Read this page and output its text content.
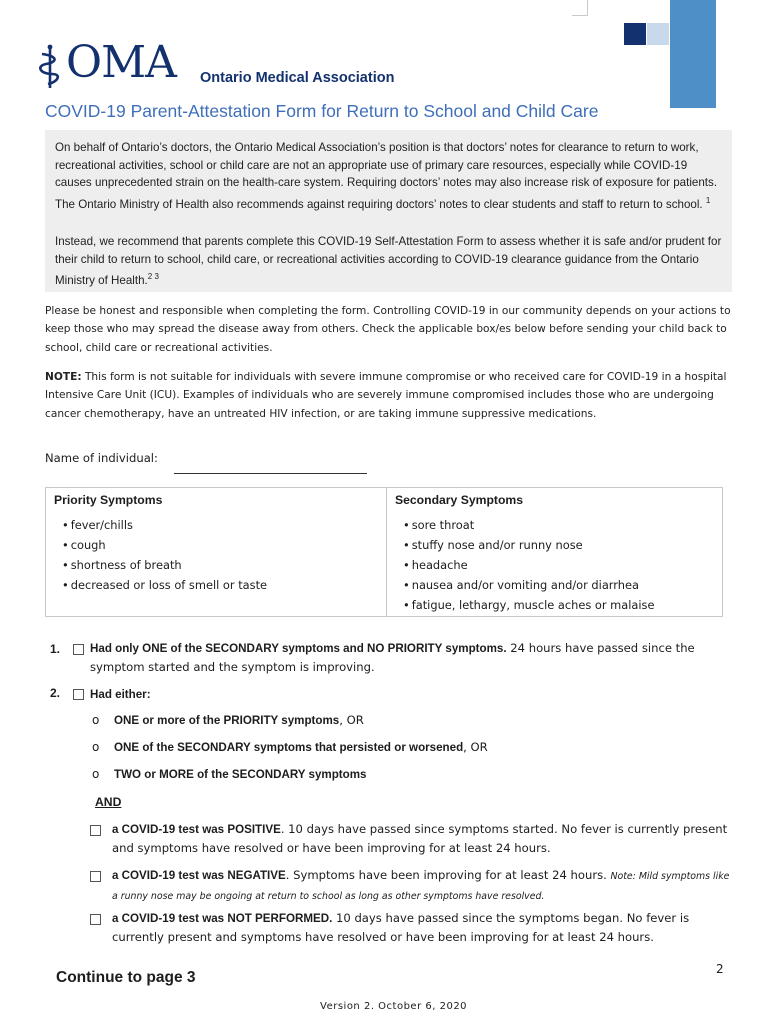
OMA Ontario Medical Association
COVID-19 Parent-Attestation Form for Return to School and Child Care

On behalf of Ontario’s doctors, the Ontario Medical Association’s position is that doctors’ notes for clearance to return to work, recreational activities, school or child care are not an appropriate use of primary care resources, especially while COVID-19 causes unprecedented strain on the health-care system. Requiring doctors’ notes may also increase risk of exposure for patients. The Ontario Ministry of Health also recommends against requiring doctors’ notes to clear students and staff to return to school. $^1$

Instead, we recommend that parents complete this COVID-19 Self-Attestation Form to assess whether it is safe and/or prudent for their child to return to school, child care, or recreational activities according to COVID-19 clearance guidance from the Ontario Ministry of Health.$^{2 3}$

Please be honest and responsible when completing the form. Controlling COVID-19 in our community depends on your actions to keep those who may spread the disease away from others. Check the applicable box/es below before sending your child back to school, child care or recreational activities.

NOTE: This form is not suitable for individuals with severe immune compromise or who received care for COVID-19 in a hospital Intensive Care Unit (ICU). Examples of individuals who are severely immune compromised includes those who are undergoing cancer chemotherapy, have an untreated HIV infection, or are taking immune suppressive medications.

Name of individual:
Priority Symptoms
• fever/chills
• cough
• shortness of breath
• decreased or loss of smell or taste
Secondary Symptoms
• sore throat
• stuffy nose and/or runny nose
• headache
• nausea and/or vomiting and/or diarrhea
• fatigue, lethargy, muscle aches or malaise
1.	Had only ONE of the SECONDARY symptoms and NO PRIORITY symptoms. 24 hours have passed since the symptom started and the symptom is improving.
2.	Had either:
o ONE or more of the PRIORITY symptoms, OR
o ONE of the SECONDARY symptoms that persisted or worsened, OR
o TWO or MORE of the SECONDARY symptoms
AND
a COVID-19 test was POSITIVE. 10 days have passed since symptoms started. No fever is currently present and symptoms have resolved or have been improving for at least 24 hours.
a COVID-19 test was NEGATIVE. Symptoms have been improving for at least 24 hours. Note: Mild symptoms like a runny nose may be ongoing at return to school as long as other symptoms have resolved.
a COVID-19 test was NOT PERFORMED. 10 days have passed since the symptoms began. No fever is currently present and symptoms have resolved or have been improving for at least 24 hours.
Continue to page 3	2
Version 2. October 6, 2020
